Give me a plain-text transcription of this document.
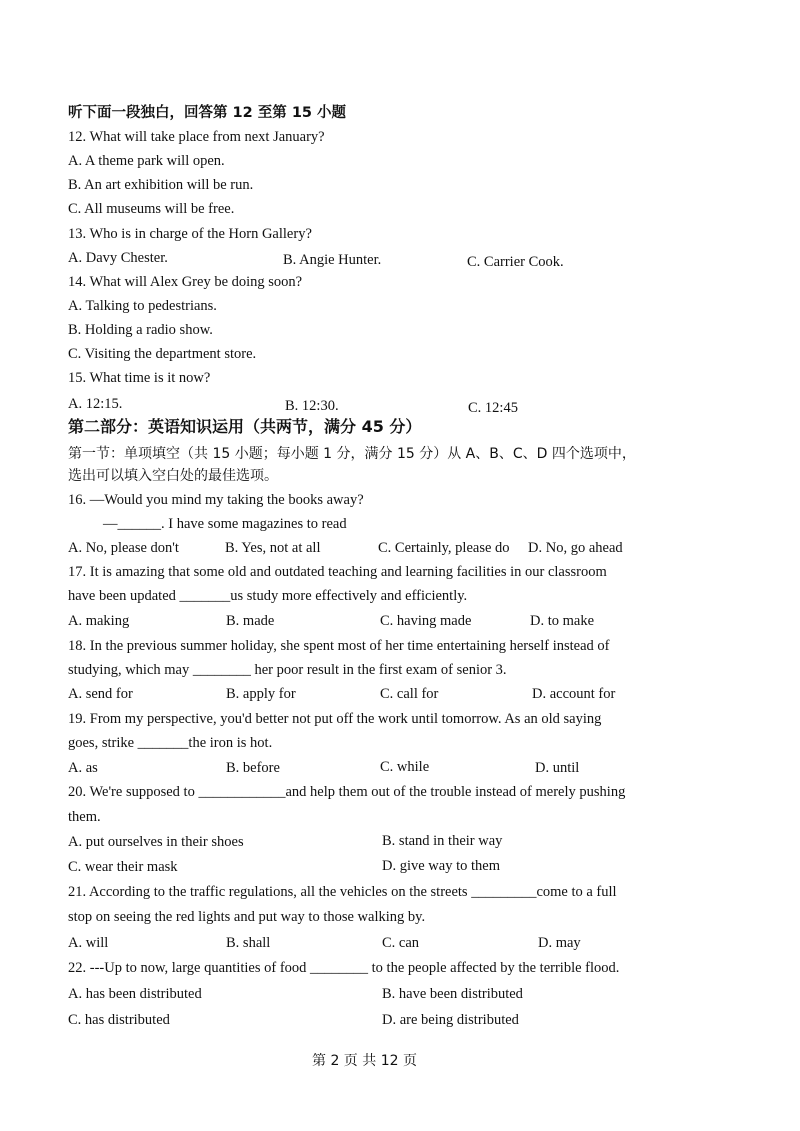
听下面一段独白，回答第 12 至第 15 小题
12. What will take place from next January?
A. A theme park will open.
B. An art exhibition will be run.
C. All museums will be free.
13. Who is in charge of the Horn Gallery?
A. Davy Chester.	B. Angie Hunter.	C. Carrier Cook.
14. What will Alex Grey be doing soon?
A. Talking to pedestrians.
B. Holding a radio show.
C. Visiting the department store.
15. What time is it now?
A. 12:15.	B. 12:30.	C. 12:45
第二部分：英语知识运用（共两节，满分 45 分）
第一节：单项填空（共 15 小题；每小题 1 分，满分 15 分）从 A、B、C、D 四个选项中，
选出可以填入空白处的最佳选项。
16. —Would you mind my taking the books away?
—______. I have some magazines to read
A. No, please don't	B. Yes, not at all	C. Certainly, please do D. No, go ahead
17. It is amazing that some old and outdated teaching and learning facilities in our classroom
have been updated _______us study more effectively and efficiently.
A. making	B. made	C. having made	D. to make
18. In the previous summer holiday, she spent most of her time entertaining herself instead of
studying, which may ________ her poor result in the first exam of senior 3.
A. send for	B. apply for	C. call for	D. account for
19. From my perspective, you'd better not put off the work until tomorrow. As an old saying
goes, strike _______the iron is hot.
A. as	B. before	C. while	D. until
20. We're supposed to ____________and help them out of the trouble instead of merely pushing
them.
A. put ourselves in their shoes	B. stand in their way
C. wear their mask	D. give way to them
21. According to the traffic regulations, all the vehicles on the streets _________come to a full
stop on seeing the red lights and put way to those walking by.
A. will	B. shall	C. can	D. may
22. ---Up to now, large quantities of food ________ to the people affected by the terrible flood.
A. has been distributed	B. have been distributed
C. has distributed	D. are being distributed
第 2 页 共 12 页
